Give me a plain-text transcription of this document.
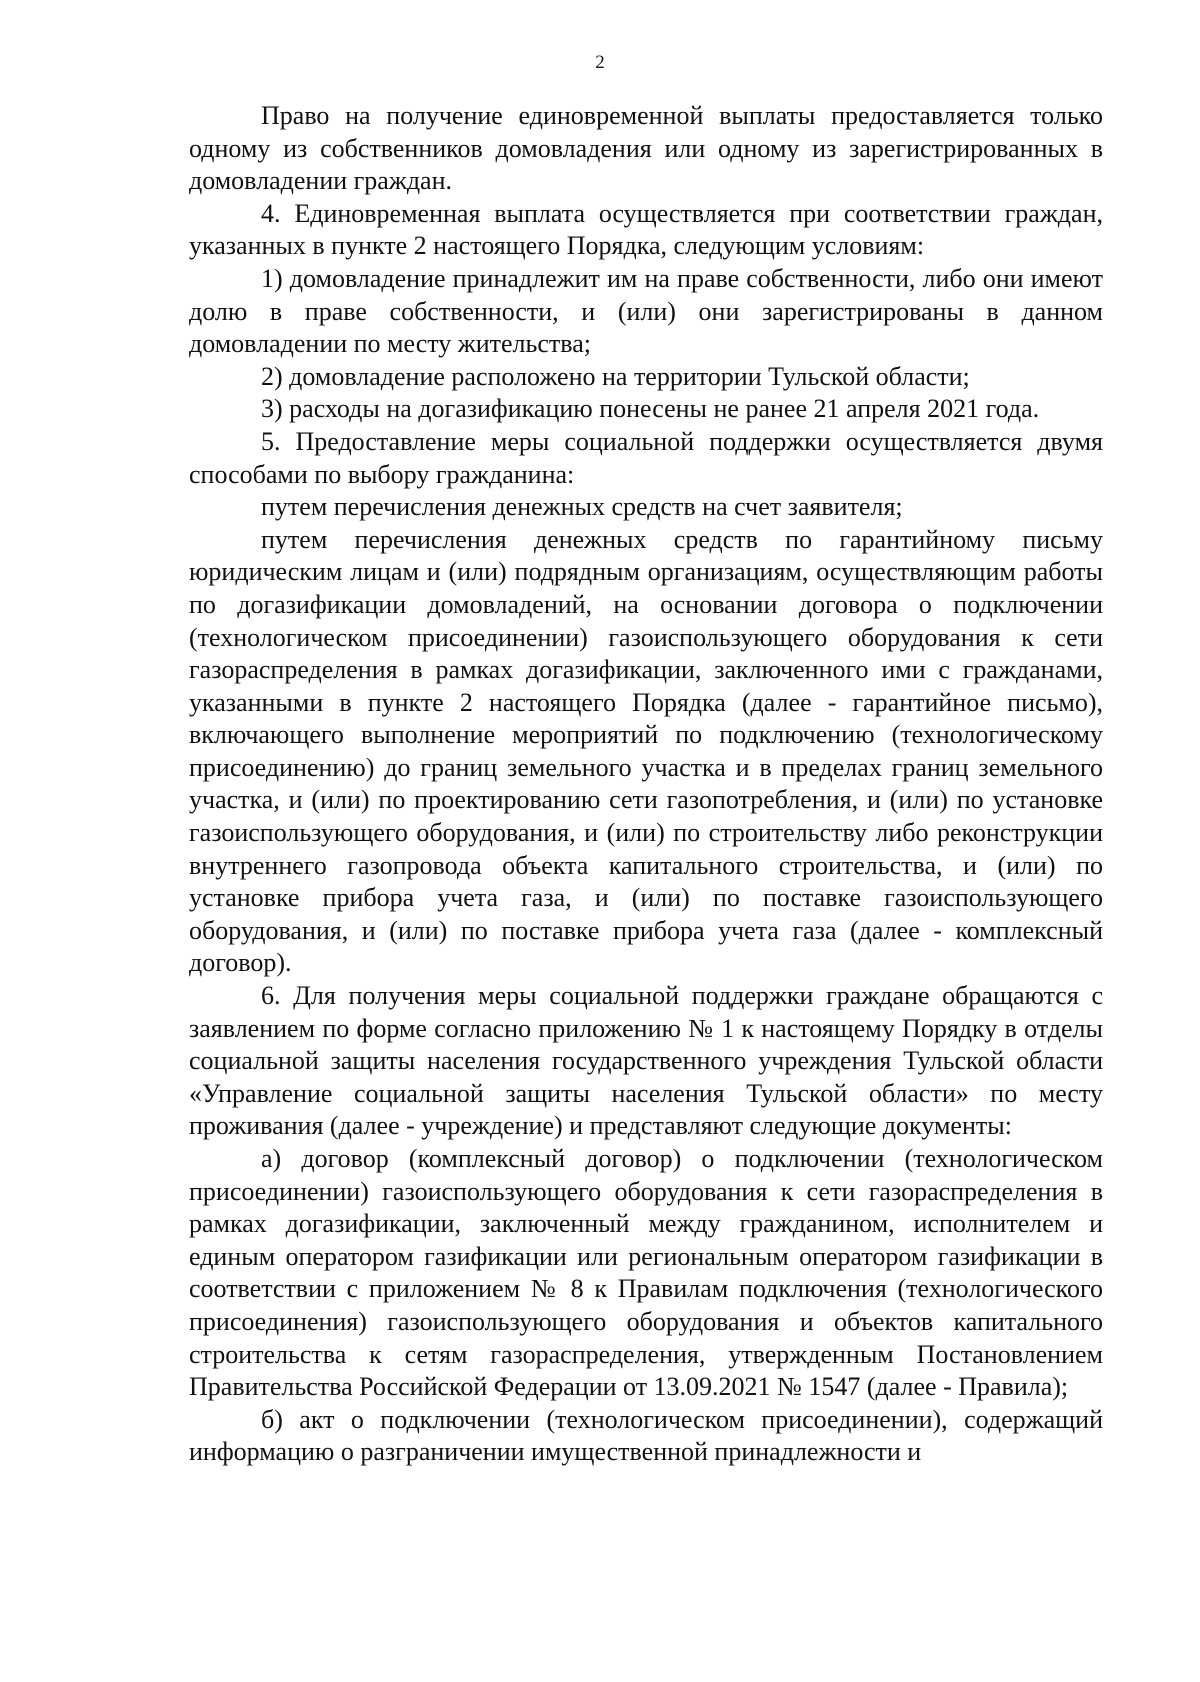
2

Право на получение единовременной выплаты предоставляется только одному из собственников домовладения или одному из зарегистрированных в домовладении граждан.

4. Единовременная выплата осуществляется при соответствии граждан, указанных в пункте 2 настоящего Порядка, следующим условиям:

1) домовладение принадлежит им на праве собственности, либо они имеют долю в праве собственности, и (или) они зарегистрированы в данном домовладении по месту жительства;

2) домовладение расположено на территории Тульской области;

3) расходы на догазификацию понесены не ранее 21 апреля 2021 года.

5. Предоставление меры социальной поддержки осуществляется двумя способами по выбору гражданина:

путем перечисления денежных средств на счет заявителя;

путем перечисления денежных средств по гарантийному письму юридическим лицам и (или) подрядным организациям, осуществляющим работы по догазификации домовладений, на основании договора о подключении (технологическом присоединении) газоиспользующего оборудования к сети газораспределения в рамках догазификации, заключенного ими с гражданами, указанными в пункте 2 настоящего Порядка (далее - гарантийное письмо), включающего выполнение мероприятий по подключению (технологическому присоединению) до границ земельного участка и в пределах границ земельного участка, и (или) по проектированию сети газопотребления, и (или) по установке газоиспользующего оборудования, и (или) по строительству либо реконструкции внутреннего газопровода объекта капитального строительства, и (или) по установке прибора учета газа, и (или) по поставке газоиспользующего оборудования, и (или) по поставке прибора учета газа (далее - комплексный договор).

6. Для получения меры социальной поддержки граждане обращаются с заявлением по форме согласно приложению № 1 к настоящему Порядку в отделы социальной защиты населения государственного учреждения Тульской области «Управление социальной защиты населения Тульской области» по месту проживания (далее - учреждение) и представляют следующие документы:

а) договор (комплексный договор) о подключении (технологическом присоединении) газоиспользующего оборудования к сети газораспределения в рамках догазификации, заключенный между гражданином, исполнителем и единым оператором газификации или региональным оператором газификации в соответствии с приложением № 8 к Правилам подключения (технологического присоединения) газоиспользующего оборудования и объектов капитального строительства к сетям газораспределения, утвержденным Постановлением Правительства Российской Федерации от 13.09.2021 № 1547 (далее - Правила);

б) акт о подключении (технологическом присоединении), содержащий информацию о разграничении имущественной принадлежности и
